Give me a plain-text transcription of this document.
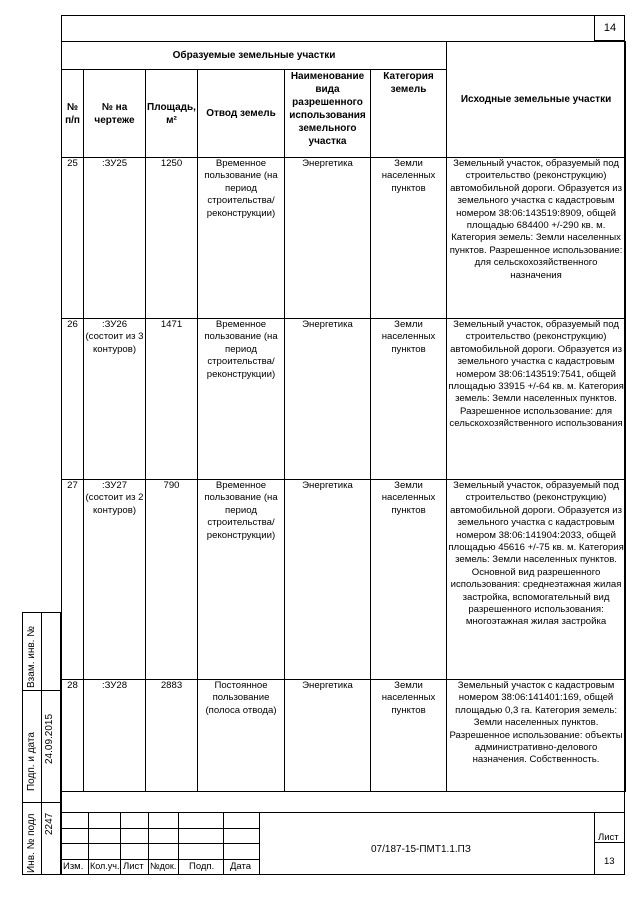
14
Образуемые земельные участки						Исходные земельные участки
№ п/п	№ на чертеже	Площадь, м²	Отвод земель	Наименование вида разрешенного использования земельного участка	Категория земель	
25	:ЗУ25	1250	Временное пользование (на период строительства/реконструкции)	Энергетика	Земли населенных пунктов	Земельный участок, образуемый под строительство (реконструкцию) автомобильной дороги. Образуется из земельного участка с кадастровым номером 38:06:143519:8909, общей площадью 684400 +/-290 кв. м. Категория земель: Земли населенных пунктов. Разрешенное использование: для сельскохозяйственного назначения
26	:ЗУ26 (состоит из 3 контуров)	1471	Временное пользование (на период строительства/реконструкции)	Энергетика	Земли населенных пунктов	Земельный участок, образуемый под строительство (реконструкцию) автомобильной дороги. Образуется из земельного участка с кадастровым номером 38:06:143519:7541, общей площадью 33915 +/-64 кв. м. Категория земель: Земли населенных пунктов. Разрешенное использование: для сельскохозяйственного использования
27	:ЗУ27 (состоит из 2 контуров)	790	Временное пользование (на период строительства/реконструкции)	Энергетика	Земли населенных пунктов	Земельный участок, образуемый под строительство (реконструкцию) автомобильной дороги. Образуется из земельного участка с кадастровым номером 38:06:141904:2033, общей площадью 45616 +/-75 кв. м. Категория земель: Земли населенных пунктов. Основной вид разрешенного использования: среднеэтажная жилая застройка, вспомогательный вид разрешенного использования: многоэтажная жилая застройка
28	:ЗУ28	2883	Постоянное пользование (полоса отвода)	Энергетика	Земли населенных пунктов	Земельный участок с кадастровым номером 38:06:141401:169, общей площадью 0,3 га. Категория земель: Земли населенных пунктов. Разрешенное использование: объекты административно-делового назначения. Собственность.
Изм. Кол.уч. Лист №док. Подп. Дата
07/187-15-ПМТ1.1.ПЗ
Лист
13
Взам. инв. №
Подп. и дата 24.09.2015
Инв. № подл 2247
